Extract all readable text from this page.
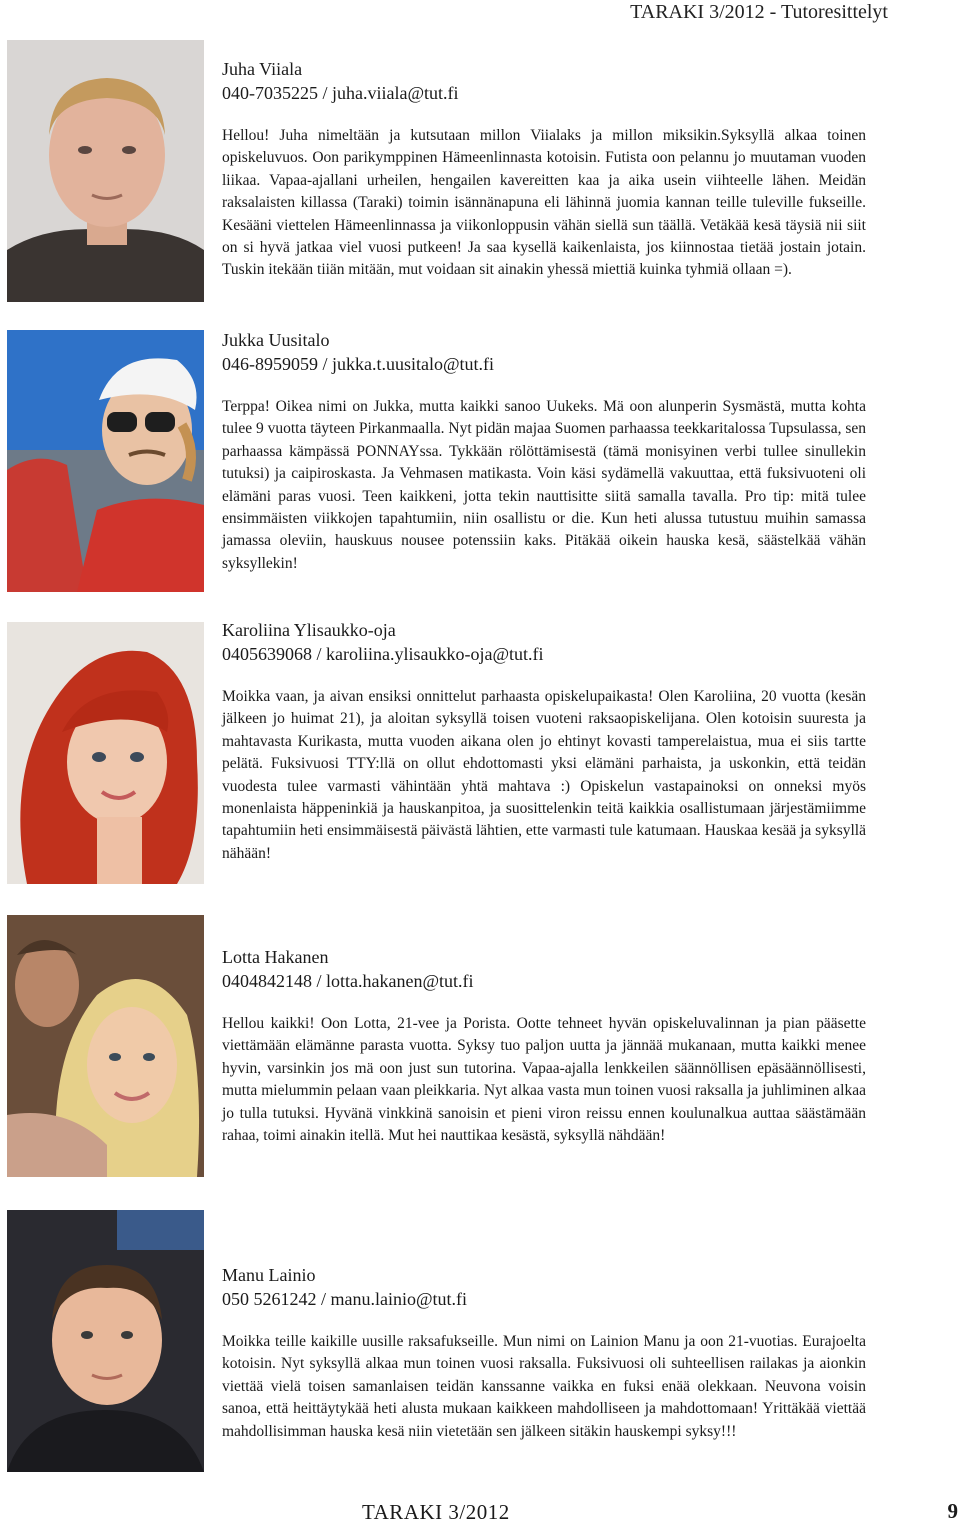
TARAKI 3/2012 - Tutoresittelyt
Juha Viiala
040-7035225 / juha.viiala@tut.fi
Hellou! Juha nimeltään ja kutsutaan millon Viialaks ja millon miksikin.Syksyllä alkaa toinen opiskeluvuos. Oon parikymppinen Hämeenlinnasta kotoisin. Futista oon pelannu jo muutaman vuoden liikaa. Vapaa-ajallani urheilen, hengailen kavereitten kaa ja aika usein viihteelle lähen. Meidän raksalaisten killassa (Taraki) toimin isännänapuna eli lähinnä juomia kannan teille tuleville fukseille. Kesääni viettelen Hämeenlinnassa ja viikonloppusin vähän siellä sun täällä. Vetäkää kesä täysiä nii siit on si hyvä jatkaa viel vuosi putkeen! Ja saa kysellä kaikenlaista, jos kiinnostaa tietää jostain jotain. Tuskin itekään tiiän mitään, mut voidaan sit ainakin yhessä miettiä kuinka tyhmiä ollaan =).
Jukka Uusitalo
046-8959059 / jukka.t.uusitalo@tut.fi
Terppa! Oikea nimi on Jukka, mutta kaikki sanoo Uukeks. Mä oon alunperin Sysmästä, mutta kohta tulee 9 vuotta täyteen Pirkanmaalla. Nyt pidän majaa Suomen parhaassa teekkaritalossa Tupsulassa, sen parhaassa kämpässä PONNAYssa. Tykkään rölöttämisestä (tämä monisyinen verbi tullee sinullekin tutuksi) ja caipiroskasta. Ja Vehmasen matikasta. Voin käsi sydämellä vakuuttaa, että fuksivuoteni oli elämäni paras vuosi. Teen kaikkeni, jotta tekin nauttisitte siitä samalla tavalla. Pro tip: mitä tulee ensimmäisten viikkojen tapahtumiin, niin osallistu or die. Kun heti alussa tutustuu muihin samassa jamassa oleviin, hauskuus nousee potenssiin kaks. Pitäkää oikein hauska kesä, säästelkää vähän syksyllekin!
Karoliina Ylisaukko-oja
0405639068 / karoliina.ylisaukko-oja@tut.fi
Moikka vaan, ja aivan ensiksi onnittelut parhaasta opiskelupaikasta! Olen Karoliina, 20 vuotta (kesän jälkeen jo huimat 21), ja aloitan syksyllä toisen vuoteni raksaopiskelijana. Olen kotoisin suuresta ja mahtavasta Kurikasta, mutta vuoden aikana olen jo ehtinyt kovasti tamperelaistua, mua ei siis tartte pelätä. Fuksivuosi TTY:llä on ollut ehdottomasti yksi elämäni parhaista, ja uskonkin, että teidän vuodesta tulee varmasti vähintään yhtä mahtava :) Opiskelun vastapainoksi on onneksi myös monenlaista häppeninkiä ja hauskanpitoa, ja suosittelenkin teitä kaikkia osallistumaan järjestämiimme tapahtumiin heti ensimmäisestä päivästä lähtien, ette varmasti tule katumaan. Hauskaa kesää ja syksyllä nähään!
Lotta Hakanen
0404842148 / lotta.hakanen@tut.fi
Hellou kaikki! Oon Lotta, 21-vee ja Porista. Ootte tehneet hyvän opiskeluvalinnan ja pian pääsette viettämään elämänne parasta vuotta. Syksy tuo paljon uutta ja jännää mukanaan, mutta kaikki menee hyvin, varsinkin jos mä oon just sun tutorina. Vapaa-ajalla lenkkeilen säännöllisen epäsäännöllisesti, mutta mielummin pelaan vaan pleikkaria. Nyt alkaa vasta mun toinen vuosi raksalla ja juhliminen alkaa jo tulla tutuksi. Hyvänä vinkkinä sanoisin et pieni viron reissu ennen koulunalkua auttaa säästämään rahaa, toimi ainakin itellä. Mut hei nauttikaa kesästä, syksyllä nähdään!
Manu Lainio
050 5261242 / manu.lainio@tut.fi
Moikka teille kaikille uusille raksafukseille. Mun nimi on Lainion Manu ja oon 21-vuotias. Eurajoelta kotoisin. Nyt syksyllä alkaa mun toinen vuosi raksalla. Fuksivuosi oli suhteellisen railakas ja aionkin viettää vielä toisen samanlaisen teidän kanssanne vaikka en fuksi enää olekkaan. Neuvona voisin sanoa, että heittäytykää heti alusta mukaan kaikkeen mahdolliseen ja mahdottomaan! Yrittäkää viettää mahdollisimman hauska kesä niin vietetään sen jälkeen sitäkin hauskempi syksy!!!
TARAKI 3/2012	9
